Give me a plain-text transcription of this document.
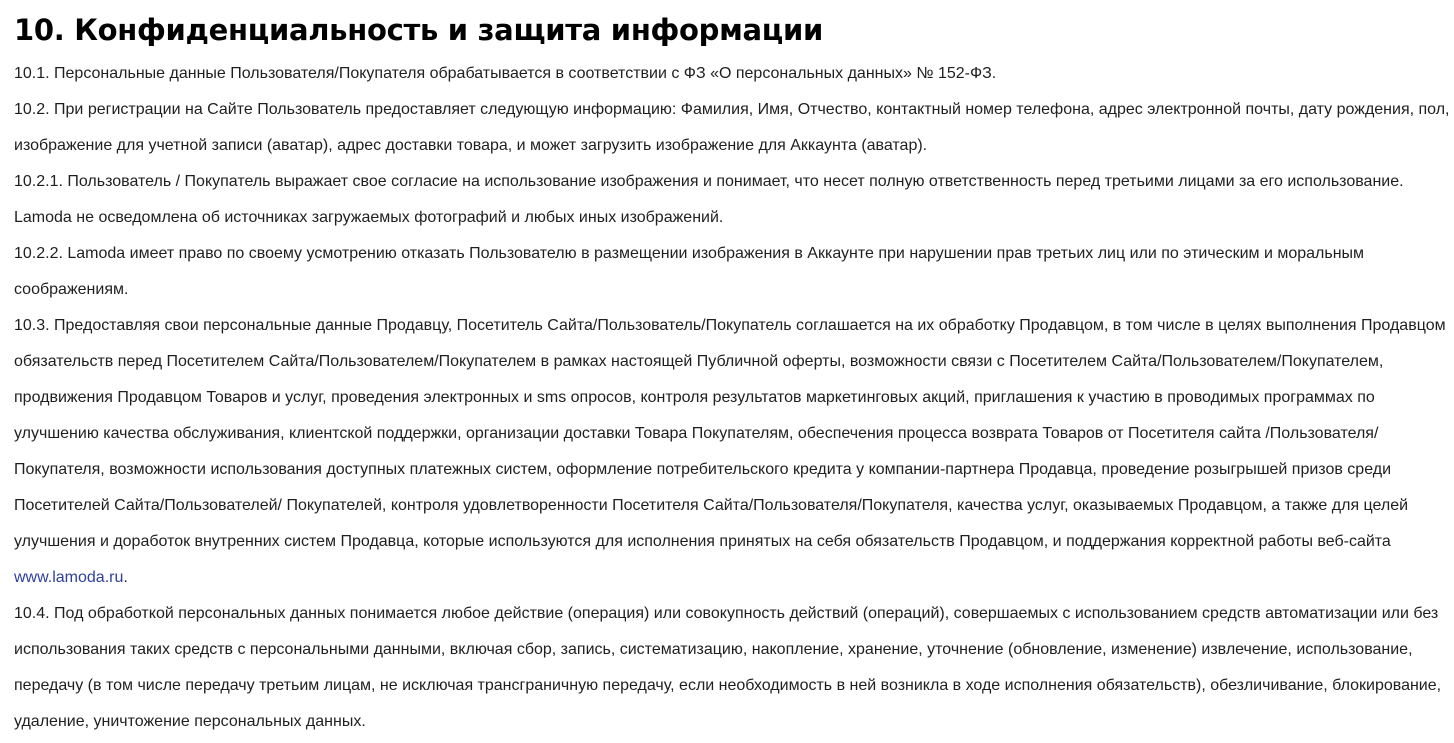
10. Конфиденциальность и защита информации

10.1. Персональные данные Пользователя/Покупателя обрабатывается в соответствии с ФЗ «О персональных данных» № 152-ФЗ.

10.2. При регистрации на Сайте Пользователь предоставляет следующую информацию: Фамилия, Имя, Отчество, контактный номер телефона, адрес электронной почты, дату рождения, пол, изображение для учетной записи (аватар), адрес доставки товара, и может загрузить изображение для Аккаунта (аватар).

10.2.1. Пользователь / Покупатель выражает свое согласие на использование изображения и понимает, что несет полную ответственность перед третьими лицами за его использование. Lamoda не осведомлена об источниках загружаемых фотографий и любых иных изображений.

10.2.2. Lamoda имеет право по своему усмотрению отказать Пользователю в размещении изображения в Аккаунте при нарушении прав третьих лиц или по этическим и моральным соображениям.

10.3. Предоставляя свои персональные данные Продавцу, Посетитель Сайта/Пользователь/Покупатель соглашается на их обработку Продавцом, в том числе в целях выполнения Продавцом обязательств перед Посетителем Сайта/Пользователем/Покупателем в рамках настоящей Публичной оферты, возможности связи с Посетителем Сайта/Пользователем/Покупателем, продвижения Продавцом Товаров и услуг, проведения электронных и sms опросов, контроля результатов маркетинговых акций, приглашения к участию в проводимых программах по улучшению качества обслуживания, клиентской поддержки, организации доставки Товара Покупателям, обеспечения процесса возврата Товаров от Посетителя сайта /Пользователя/Покупателя, возможности использования доступных платежных систем, оформление потребительского кредита у компании-партнера Продавца, проведение розыгрышей призов среди Посетителей Сайта/Пользователей/ Покупателей, контроля удовлетворенности Посетителя Сайта/Пользователя/Покупателя, качества услуг, оказываемых Продавцом, а также для целей улучшения и доработок внутренних систем Продавца, которые используются для исполнения принятых на себя обязательств Продавцом, и поддержания корректной работы веб-сайта www.lamoda.ru.

10.4. Под обработкой персональных данных понимается любое действие (операция) или совокупность действий (операций), совершаемых с использованием средств автоматизации или без использования таких средств с персональными данными, включая сбор, запись, систематизацию, накопление, хранение, уточнение (обновление, изменение) извлечение, использование, передачу (в том числе передачу третьим лицам, не исключая трансграничную передачу, если необходимость в ней возникла в ходе исполнения обязательств), обезличивание, блокирование, удаление, уничтожение персональных данных.
